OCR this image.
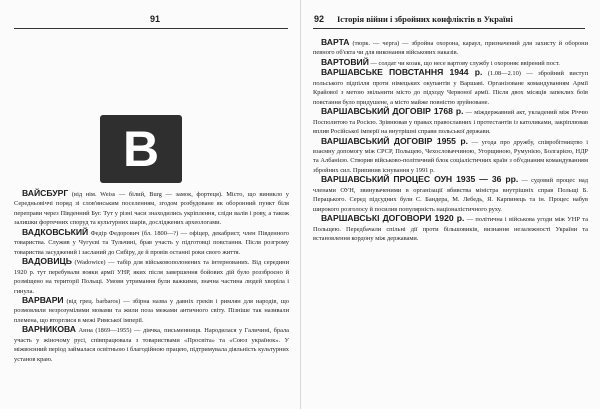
91
В

ВАЙСБУРГ (від нім. Weiss — білий, Burg — замок, фортеця). Місто, що виникло у Середньовіччі поряд зі слов'янським поселенням, згодом розбудоване як оборонний пункт біля переправи через Південний Буг. Тут у різні часи знаходились укріплення, сліди валів і рову, а також залишки фортечних споруд та культурних шарів, досліджених археологами.

ВАДКОВСЬКИЙ Федір Федорович (бл. 1800—?) — офіцер, декабрист, член Південного товариства. Служив у Чугуєві та Тульчині, брав участь у підготовці повстання. Після розгрому товариства засуджений і засланий до Сибіру, де й провів останні роки свого життя.

ВАДОВИЦЬ (Wadowice) — табір для військовополонених та інтернованих. Від середини 1920 р. тут перебували вояки армії УНР, яких після завершення бойових дій було роззброєно й розміщено на території Польщі. Умови утримання були важкими, значна частина людей хворіла і гинула.

ВАРВАРИ (від грец. barbaros) — збірна назва у давніх греків і римлян для народів, що розмовляли незрозумілими мовами та жили поза межами античного світу. Пізніше так називали племена, що вторглися в межі Римської імперії.

ВАРНИКОВА Анна (1869—1955) — діячка, письменниця. Народилася у Галичині, брала участь у жіночому русі, співпрацювала з товариствами «Просвіта» та «Союз українок». У міжвоєнний період займалася освітньою і благодійною працею, підтримувала діяльність культурних установ краю.

92 Історія війни і збройних конфліктів в Україні

ВАРТА (тюрк. — черга) — збройна охорона, караул, призначений для захисту й оборони певного об'єкта чи для виконання військових наказів.

ВАРТОВИЙ — солдат чи козак, що несе вартову службу і охороняє ввірений пост.

ВАРШАВСЬКЕ ПОВСТАННЯ 1944 р. (1.08—2.10) — збройний виступ польського підпілля проти німецьких окупантів у Варшаві. Організоване командуванням Армії Крайової з метою звільнити місто до підходу Червоної армії. Після двох місяців запеклих боїв повстання було придушене, а місто майже повністю зруйноване.

ВАРШАВСЬКИЙ ДОГОВІР 1768 р. — міждержавний акт, укладений між Річчю Посполитою та Росією. Зрівнював у правах православних і протестантів із католиками, закріплював вплив Російської імперії на внутрішні справи польської держави.

ВАРШАВСЬКИЙ ДОГОВІР 1955 р. — угода про дружбу, співробітництво і взаємну допомогу між СРСР, Польщею, Чехословаччиною, Угорщиною, Румунією, Болгарією, НДР та Албанією. Створив військово-політичний блок соціалістичних країн з об'єднаним командуванням збройних сил. Припинив існування у 1991 р.

ВАРШАВСЬКИЙ ПРОЦЕС ОУН 1935 — 36 рр. — судовий процес над членами ОУН, звинуваченими в організації вбивства міністра внутрішніх справ Польщі Б. Перацького. Серед підсудних були С. Бандера, М. Лебедь, Я. Карпинець та ін. Процес набув широкого розголосу й посилив популярність націоналістичного руху.

ВАРШАВСЬКІ ДОГОВОРИ 1920 р. — політична і військова угоди між УНР та Польщею. Передбачали спільні дії проти більшовиків, визнання незалежності України та встановлення кордону між державами.
